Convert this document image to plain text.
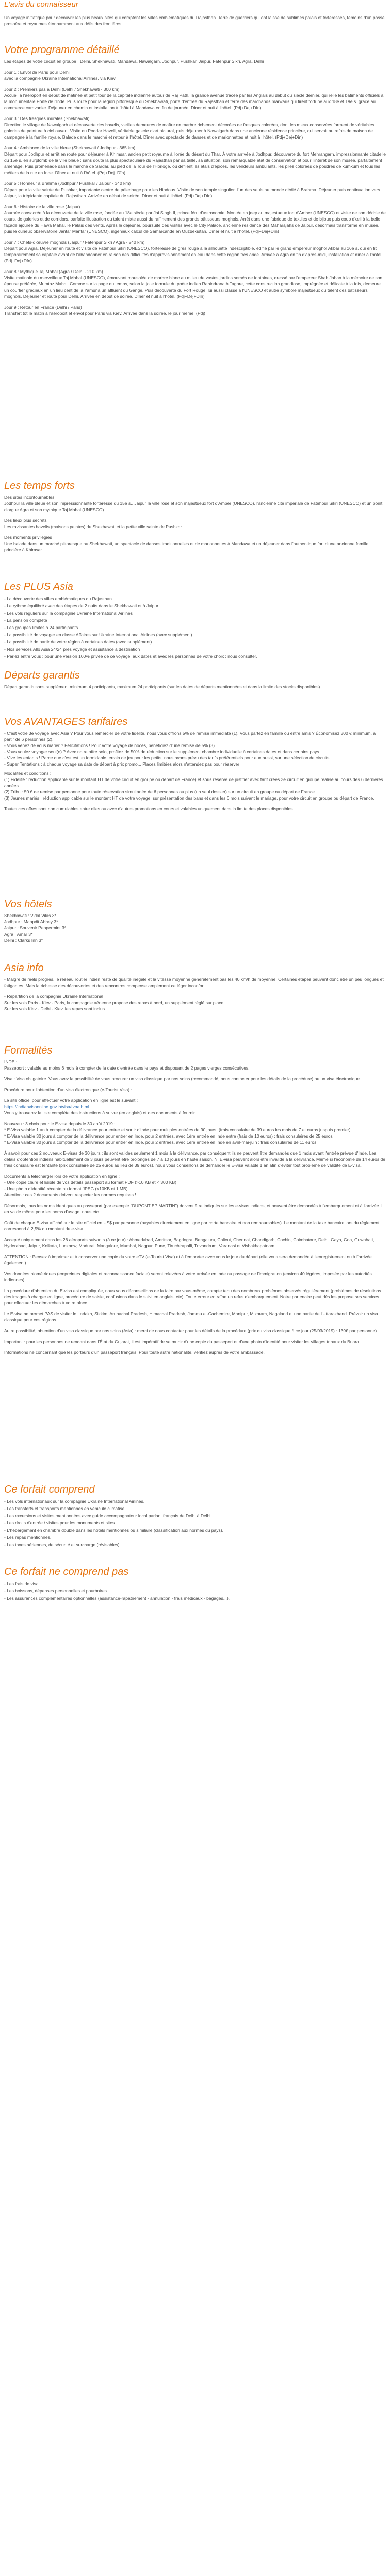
L'avis du connaisseur

Un voyage initiatique pour découvrir les plus beaux sites qui comptent les villes emblématiques du Rajasthan. Terre de guerriers qui ont laissé de sublimes palais et forteresses, témoins d'un passé prospère et royaumes étonnamment aux défis des frontières.

Votre programme détaillé

Les étapes de votre circuit en groupe : Delhi, Shekhawati, Mandawa, Nawalgarh, Jodhpur, Pushkar, Jaipur, Fatehpur Sikri, Agra, Delhi

Jour 1 : Envol de Paris pour Delhi

avec la compagnie Ukraine International Airlines, via Kiev.

Jour 2 : Premiers pas à Delhi (Delhi / Shekhawati - 300 km)

Accueil à l'aéroport en début de matinée et petit tour de la capitale indienne autour de Raj Path, la grande avenue tracée par les Anglais au début du siècle dernier, qui relie les bâtiments officiels à la monumentale Porte de l'Inde. Puis route pour la région pittoresque du Shekhawati, porte d'entrée du Rajasthan et terre des marchands marwaris qui firent fortune aux 18e et 19e s. grâce au commerce caravanier. Déjeuner en chemin et installation à l'hôtel à Mandawa en fin de journée. Dîner et nuit à l'hôtel. (Pdj+Dej+Dîn)

Jour 3 : Des fresques murales (Shekhawati)

Direction le village de Nawalgarh et découverte des havelis, vieilles demeures de maître en marbre richement décorées de fresques colorées, dont les mieux conservées forment de véritables galeries de peinture à ciel ouvert. Visite du Poddar Haveli, véritable galerie d'art pictural, puis déjeuner à Nawalgarh dans une ancienne résidence princière, qui servait autrefois de maison de campagne à la famille royale. Balade dans le marché et retour à l'hôtel. Dîner avec spectacle de danses et de marionnettes et nuit à l'hôtel. (Pdj+Dej+Dîn)

Jour 4 : Ambiance de la ville bleue (Shekhawati / Jodhpur - 365 km)

Départ pour Jodhpur et arrêt en route pour déjeuner à Khimsar, ancien petit royaume à l'orée du désert du Thar. À votre arrivée à Jodhpur, découverte du fort Mehrangarh, impressionnante citadelle du 15e s. en surplomb de la ville bleue : sans doute la plus spectaculaire du Rajasthan par sa taille, sa situation, son remarquable état de conservation et pour l'intérêt de son musée, parfaitement aménagé. Puis promenade dans le marché de Sardar, au pied de la Tour de l'Horloge, où défilent les étals d'épices, les vendeurs ambulants, les piles colorées de poudres de kumkum et tous les métiers de la rue en Inde. Dîner et nuit à l'hôtel. (Pdj+Dej+Dîn)

Jour 5 : Honneur à Brahma (Jodhpur / Pushkar / Jaipur - 340 km)

Départ pour la ville sainte de Pushkar, importante centre de pèlerinage pour les Hindous. Visite de son temple singulier, l'un des seuls au monde dédié à Brahma. Déjeuner puis continuation vers Jaipur, la trépidante capitale du Rajasthan. Arrivée en début de soirée. Dîner et nuit à l'hôtel. (Pdj+Dej+Dîn)

Jour 6 : Histoire de la ville rose (Jaipur)

Journée consacrée à la découverte de la ville rose, fondée au 18e siècle par Jai Singh II, prince féru d'astronomie. Montée en jeep au majestueux fort d'Amber (UNESCO) et visite de son dédale de cours, de galeries et de corridors, parfaite illustration du talent mixte aussi du raffinement des grands bâtisseurs moghols. Arrêt dans une fabrique de textiles et de bijoux puis coup d'œil à la belle façade ajourée du Hawa Mahal, le Palais des vents. Après le déjeuner, poursuite des visites avec le City Palace, ancienne résidence des Maharajahs de Jaipur, désormais transformé en musée, puis le curieux observatoire Jantar Mantar (UNESCO), ingénieux calcul de Samarcande en Ouzbékistan. Dîner et nuit à l'hôtel. (Pdj+Dej+Dîn)

Jour 7 : Chefs-d'œuvre moghols (Jaipur / Fatehpur Sikri / Agra - 240 km)

Départ pour Agra. Déjeuner en route et visite de Fatehpur Sikri (UNESCO), forteresse de grès rouge à la silhouette indescriptible, édifié par le grand empereur moghol Akbar au 16e s. qui en fit temporairement sa capitale avant de l'abandonner en raison des difficultés d'approvisionnement en eau dans cette région très aride. Arrivée à Agra en fin d'après-midi, installation et dîner à l'hôtel. (Pdj+Dej+Dîn)

Jour 8 : Mythique Taj Mahal (Agra / Delhi - 210 km)

Visite matinale du merveilleux Taj Mahal (UNESCO), émouvant mausolée de marbre blanc au milieu de vastes jardins semés de fontaines, dressé par l'empereur Shah Jahan à la mémoire de son épouse préférée, Mumtaz Mahal. Comme sur la page du temps, selon la jolie formule du poète indien Rabindranath Tagore, cette construction grandiose, imprégnée et délicate à la fois, demeure un courtier gracieux en un lieu cent de la Yamuna un affluent du Gange. Puis découverte du Fort Rouge, lui aussi classé à l'UNESCO et autre symbole majestueux du talent des bâtisseurs moghols. Déjeuner et route pour Delhi. Arrivée en début de soirée. Dîner et nuit à l'hôtel. (Pdj+Dej+Dîn)

Jour 9 : Retour en France (Delhi / Paris)

Transfert tôt le matin à l'aéroport et envol pour Paris via Kiev. Arrivée dans la soirée, le jour même. (Pdj)

Les temps forts

Des sites incontournables

Jodhpur la ville bleue et son impressionnante forteresse du 15e s., Jaipur la ville rose et son majestueux fort d'Amber (UNESCO), l'ancienne cité impériale de Fatehpur Sikri (UNESCO) et un point d'orgue Agra et son mythique Taj Mahal (UNESCO).

Des lieux plus secrets

Les ravissantes havelis (maisons peintes) du Shekhawati et la petite ville sainte de Pushkar.

Des moments privilégiés

Une balade dans un marché pittoresque au Shekhawati, un spectacle de danses traditionnelles et de marionnettes à Mandawa et un déjeuner dans l'authentique fort d'une ancienne famille princière à Khimsar.

Les PLUS Asia

- La découverte des villes emblématiques du Rajasthan

- Le rythme équilibré avec des étapes de 2 nuits dans le Shekhawati et à Jaipur

- Les vols réguliers sur la compagnie Ukraine International Airlines

- La pension complète

- Les groupes limités à 24 participants

- La possibilité de voyager en classe Affaires sur Ukraine International Airlines (avec supplément)

- La possibilité de partir de votre région à certaines dates (avec supplément)

- Nos services Allo Asia 24/24 près voyage et assistance à destination

- Parlez entre vous : pour une version 100% privée de ce voyage, aux dates et avec les personnes de votre choix : nous consulter.

Départs garantis

Départ garantis sans supplément minimum 4 participants, maximum 24 participants (sur les dates de départs mentionnées et dans la limite des stocks disponibles)

Vos AVANTAGES tarifaires

- C'est votre 3e voyage avec Asia ? Pour vous remercier de votre fidélité, nous vous offrons 5% de remise immédiate (1). Vous partez en famille ou entre amis ? Économisez 300 € minimum, à partir de 6 personnes (2).

- Vous venez de vous marier ? Félicitations ! Pour votre voyage de noces, bénéficiez d'une remise de 5% (3).

- Vous voulez voyager seul(e) ? Avec notre offre solo, profitez de 50% de réduction sur le supplément chambre individuelle à certaines dates et dans certains pays.

- Vive les enfants ! Parce que c'est est un formidable terrain de jeu pour les petits, nous avons prévu des tarifs préférentiels pour eux aussi, sur une sélection de circuits.

- Super Tentations : à chaque voyage sa date de départ à prix promo... Places limitées alors n'attendez pas pour réserver !

Modalités et conditions :

(1) Fidélité : réduction applicable sur le montant HT de votre circuit en groupe ou départ de France) et sous réserve de justifier avec tarif crées 3e circuit en groupe réalisé au cours des 6 dernières années.

(2) Tribu : 50 € de remise par personne pour toute réservation simultanée de 6 personnes ou plus (un seul dossier) sur un circuit en groupe ou départ de France.

(3) Jeunes mariés : réduction applicable sur le montant HT de votre voyage, sur présentation des bans et dans les 6 mois suivant le mariage, pour votre circuit en groupe ou départ de France.

Toutes ces offres sont non cumulables entre elles ou avec d'autres promotions en cours et valables uniquement dans la limite des places disponibles.

Vos hôtels

Shekhawati : Vidal Vilas 3*

Jodhpur : Mappdit Abbey 3*

Jaipur : Souvenir Peppermint 3*

Agra : Amar 3*

Delhi : Clarks Inn 3*

Asia info

- Malgré de réels progrès, le réseau routier indien reste de qualité inégale et la vitesse moyenne généralement pas les 40 km/h de moyenne. Certaines étapes peuvent donc être un peu longues et fatigantes. Mais la richesse des découvertes et des rencontres compense amplement ce léger inconfort

- Répartition de la compagnie Ukraine International :

Sur les vols Paris - Kiev - Paris, la compagnie aérienne propose des repas à bord, un supplément réglé sur place.

Sur les vols Kiev - Delhi - Kiev, les repas sont inclus.

Formalités

INDE :

Passeport : valable au moins 6 mois à compter de la date d'entrée dans le pays et disposant de 2 pages vierges consécutives.

Visa : Visa obligatoire. Vous avez la possibilité de vous procurer un visa classique par nos soins (recommandé, nous contacter pour les détails de la procédure) ou un visa électronique.

Procédure pour l'obtention d'un visa électronique (e-Tourist Visa) :

Le site officiel pour effectuer votre application en ligne est le suivant :

https://indianvisaonline.gov.in/visa/tvoa.html

Vous y trouverez la liste complète des instructions à suivre (en anglais) et des documents à fournir.

Nouveau : 3 choix pour le E-visa depuis le 30 août 2019 :

* E-Visa valable 1 an à compter de la délivrance pour entrer et sortir d'Inde pour multiples entrées de 90 jours. (frais consulaire de 39 euros les mois de 7 et euros juspuis premier)

* E-Visa valable 30 jours à compter de la délivrance pour entrer en Inde, pour 2 entrées, avec 1ère entrée en Inde entre (frais de 10 euros) : frais consulaires de 25 euros

* E-Visa valable 30 jours à compter de la délivrance pour entrer en Inde, pour 2 entrées, avec 1ère entrée en Inde en avril-mai-juin : frais consulaires de 11 euros

À savoir pour ces 2 nouveaux E-visas de 30 jours : ils sont valides seulement 1 mois à la délivrance, par conséquent ils ne peuvent être demandés que 1 mois avant l'entrée prévue d'Inde. Les délais d'obtention indiens habituellement de 3 jours peuvent être prolongés de 7 à 10 jours en haute saison. Ni E-visa peuvent alors être invalidé à la délivrance. Même si l'économie de 14 euros de frais consulaire est tentante (prix consulaire de 25 euros au lieu de 39 euros), nous vous conseillons de demander le E-visa valable 1 an afin d'éviter tout problème de validité de E-visa.

Documents à télécharger lors de votre application en ligne :

- Une copie claire et lisible de vos détails passeport au format PDF (>10 KB et < 300 KB)

- Une photo d'identité récente au format JPEG (<10KB et 1 MB)

Attention : ces 2 documents doivent respecter les normes requises !

Désormais, tous les noms identiques au passeport (par exemple "DUPONT EP MARTIN") doivent être indiqués sur les e-visas indiens, et peuvent être demandés à l'embarquement et à l'arrivée. Il en va de même pour les noms d'usage, nous etc.

Coût de chaque E-visa affiché sur le site officiel en US$ par personne (payables directement en ligne par carte bancaire et non remboursables). Le montant de la taxe bancaire lors du règlement correspond à 2,5% du montant du e-visa.

Accepté uniquement dans les 26 aéroports suivants (à ce jour) : Ahmedabad, Amritsar, Bagdogra, Bengaluru, Calicut, Chennai, Chandigarh, Cochin, Coimbatore, Delhi, Gaya, Goa, Guwahati, Hyderabad, Jaipur, Kolkata, Lucknow, Madurai, Mangalore, Mumbai, Nagpur, Pune, Tiruchirapalli, Trivandrum, Varanasi et Vishakhapatnam.

ATTENTION : Pensez à imprimer et à conserver une copie du votre eTV (e-Tourist Visa) et à l'emporter avec vous le jour du départ (elle vous sera demandée à l'enregistrement ou à l'arrivée également).

Vos données biométriques (empreintes digitales et reconnaissance faciale) seront relevées à votre arrivée en Inde au passage de l'immigration (environ 40 légères, imposée par les autorités indiennes).

La procédure d'obtention du E-visa est compliquée, nous vous déconseillons de la faire par vous-même, compte tenu des nombreux problèmes observés régulièrement (problèmes de résolutions des images à charger en ligne, procédure de saisie, confusions dans le suivi en anglais, etc). Toute erreur entraîne un refus d'embarquement. Notre partenaire peut dès les propose ses services pour effectuer les démarches à votre place.

Le E-visa ne permet PAS de visiter le Ladakh, Sikkim, Arunachal Pradesh, Himachal Pradesh, Jammu et-Cachemire, Manipur, Mizoram, Nagaland et une partie de l'Uttarakhand. Prévoir un visa classique pour ces régions.

Autre possibilité, obtention d'un visa classique par nos soins (Asia) : merci de nous contacter pour les détails de la procédure (prix du visa classique à ce jour (25/03/2019) : 139€ par personne).

Important : pour les personnes ne rendant dans l'État du Gujarat, il est impératif de se munir d'une copie du passeport et d'une photo d'identité pour visiter les villages tribaux du Buara.

Informations ne concernant que les porteurs d'un passeport français. Pour toute autre nationalité, vérifiez auprès de votre ambassade.

Ce forfait comprend

- Les vols internationaux sur la compagnie Ukraine International Airlines.

- Les transferts et transports mentionnés en véhicule climatisé.

- Les excursions et visites mentionnées avec guide accompagnateur local parlant français de Delhi à Delhi.

- Les droits d'entrée / visites pour les monuments et sites.

- L'hébergement en chambre double dans les hôtels mentionnés ou similaire (classification aux normes du pays).

- Les repas mentionnés.

- Les taxes aériennes, de sécurité et surcharge (révisables)

Ce forfait ne comprend pas

- Les frais de visa

- Les boissons, dépenses personnelles et pourboires.

- Les assurances complémentaires optionnelles (assistance-rapatriement - annulation - frais médicaux - bagages...).
